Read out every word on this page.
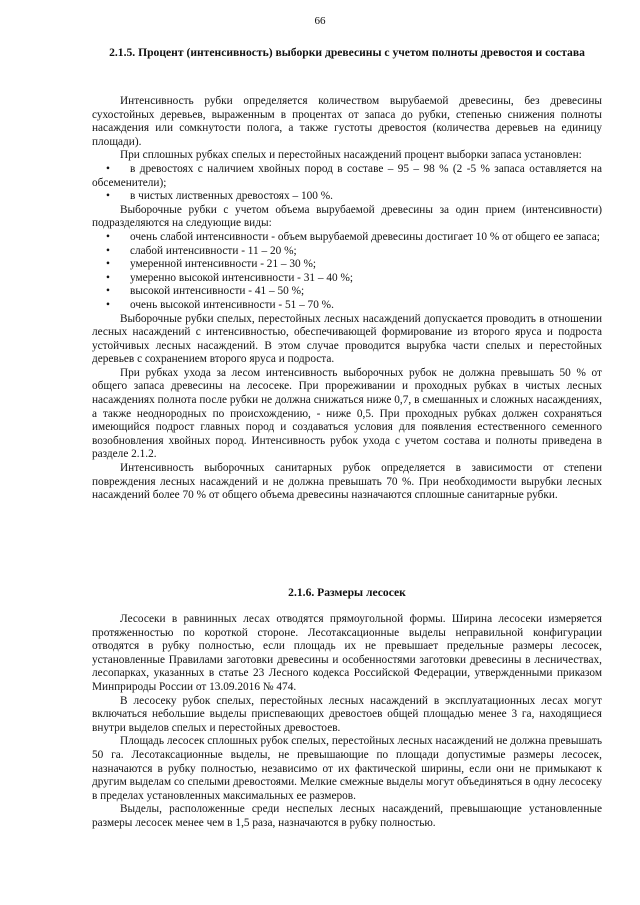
66
2.1.5. Процент (интенсивность) выборки древесины с учетом полноты древостоя и состава

Интенсивность рубки определяется количеством вырубаемой древесины, без древесины сухостойных деревьев, выраженным в процентах от запаса до рубки, степенью снижения полноты насаждения или сомкнутости полога, а также густоты древостоя (количества деревьев на единицу площади).

При сплошных рубках спелых и перестойных насаждений процент выборки запаса установлен:

• в древостоях с наличием хвойных пород в составе – 95 – 98 % (2 -5 % запаса оставляется на обсеменители);
• в чистых лиственных древостоях – 100 %.

Выборочные рубки с учетом объема вырубаемой древесины за один прием (интенсивности) подразделяются на следующие виды:

• очень слабой интенсивности - объем вырубаемой древесины достигает 10 % от общего ее запаса;
• слабой интенсивности - 11 – 20 %;
• умеренной интенсивности - 21 – 30 %;
• умеренно высокой интенсивности - 31 – 40 %;
• высокой интенсивности - 41 – 50 %;
• очень высокой интенсивности - 51 – 70 %.

Выборочные рубки спелых, перестойных лесных насаждений допускается проводить в отношении лесных насаждений с интенсивностью, обеспечивающей формирование из второго яруса и подроста устойчивых лесных насаждений. В этом случае проводится вырубка части спелых и перестойных деревьев с сохранением второго яруса и подроста.

При рубках ухода за лесом интенсивность выборочных рубок не должна превышать 50 % от общего запаса древесины на лесосеке. При прореживании и проходных рубках в чистых лесных насаждениях полнота после рубки не должна снижаться ниже 0,7, в смешанных и сложных насаждениях, а также неоднородных по происхождению, - ниже 0,5. При проходных рубках должен сохраняться имеющийся подрост главных пород и создаваться условия для появления естественного семенного возобновления хвойных пород. Интенсивность рубок ухода с учетом состава и полноты приведена в разделе 2.1.2.

Интенсивность выборочных санитарных рубок определяется в зависимости от степени повреждения лесных насаждений и не должна превышать 70 %. При необходимости вырубки лесных насаждений более 70 % от общего объема древесины назначаются сплошные санитарные рубки.

2.1.6. Размеры лесосек

Лесосеки в равнинных лесах отводятся прямоугольной формы. Ширина лесосеки измеряется протяженностью по короткой стороне. Лесотаксационные выделы неправильной конфигурации отводятся в рубку полностью, если площадь их не превышает предельные размеры лесосек, установленные Правилами заготовки древесины и особенностями заготовки древесины в лесничествах, лесопарках, указанных в статье 23 Лесного кодекса Российской Федерации, утвержденными приказом Минприроды России от 13.09.2016 № 474.

В лесосеку рубок спелых, перестойных лесных насаждений в эксплуатационных лесах могут включаться небольшие выделы приспевающих древостоев общей площадью менее 3 га, находящиеся внутри выделов спелых и перестойных древостоев.

Площадь лесосек сплошных рубок спелых, перестойных лесных насаждений не должна превышать 50 га. Лесотаксационные выделы, не превышающие по площади допустимые размеры лесосек, назначаются в рубку полностью, независимо от их фактической ширины, если они не примыкают к другим выделам со спелыми древостоями. Мелкие смежные выделы могут объединяться в одну лесосеку в пределах установленных максимальных ее размеров.

Выделы, расположенные среди неспелых лесных насаждений, превышающие установленные размеры лесосек менее чем в 1,5 раза, назначаются в рубку полностью.
